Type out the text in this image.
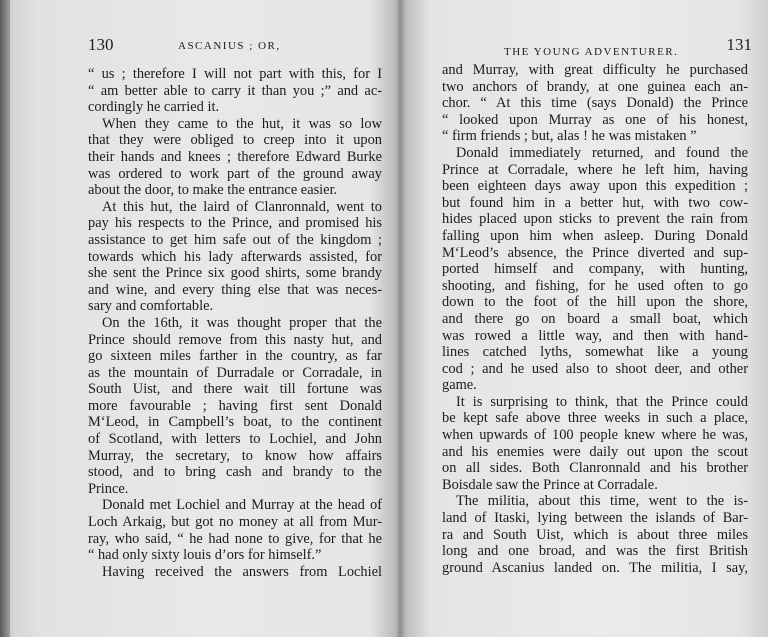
130	ASCANIUS ; OR,
“ us ; therefore I will not part with this, for I
“ am better able to carry it than you ;” and ac-
cordingly he carried it.
When they came to the hut, it was so low
that they were obliged to creep into it upon
their hands and knees ; therefore Edward Burke
was ordered to work part of the ground away
about the door, to make the entrance easier.
At this hut, the laird of Clanronnald, went to
pay his respects to the Prince, and promised his
assistance to get him safe out of the kingdom ;
towards which his lady afterwards assisted, for
she sent the Prince six good shirts, some brandy
and wine, and every thing else that was neces-
sary and comfortable.
On the 16th, it was thought proper that the
Prince should remove from this nasty hut, and
go sixteen miles farther in the country, as far
as the mountain of Durradale or Corradale, in
South Uist, and there wait till fortune was
more favourable ; having first sent Donald
M‘Leod, in Campbell’s boat, to the continent
of Scotland, with letters to Lochiel, and John
Murray, the secretary, to know how affairs
stood, and to bring cash and brandy to the
Prince.
Donald met Lochiel and Murray at the head of
Loch Arkaig, but got no money at all from Mur-
ray, who said, “ he had none to give, for that he
“ had only sixty louis d’ors for himself.”
Having received the answers from Lochiel
THE YOUNG ADVENTURER.	131
and Murray, with great difficulty he purchased
two anchors of brandy, at one guinea each an-
chor. “ At this time (says Donald) the Prince
“ looked upon Murray as one of his honest,
“ firm friends ; but, alas ! he was mistaken ”
Donald immediately returned, and found the
Prince at Corradale, where he left him, having
been eighteen days away upon this expedition ;
but found him in a better hut, with two cow-
hides placed upon sticks to prevent the rain from
falling upon him when asleep. During Donald
M‘Leod’s absence, the Prince diverted and sup-
ported himself and company, with hunting,
shooting, and fishing, for he used often to go
down to the foot of the hill upon the shore,
and there go on board a small boat, which
was rowed a little way, and then with hand-
lines catched lyths, somewhat like a young
cod ; and he used also to shoot deer, and other
game.
It is surprising to think, that the Prince could
be kept safe above three weeks in such a place,
when upwards of 100 people knew where he was,
and his enemies were daily out upon the scout
on all sides. Both Clanronnald and his brother
Boisdale saw the Prince at Corradale.
The militia, about this time, went to the is-
land of Itaski, lying between the islands of Bar-
ra and South Uist, which is about three miles
long and one broad, and was the first British
ground Ascanius landed on. The militia, I say,
